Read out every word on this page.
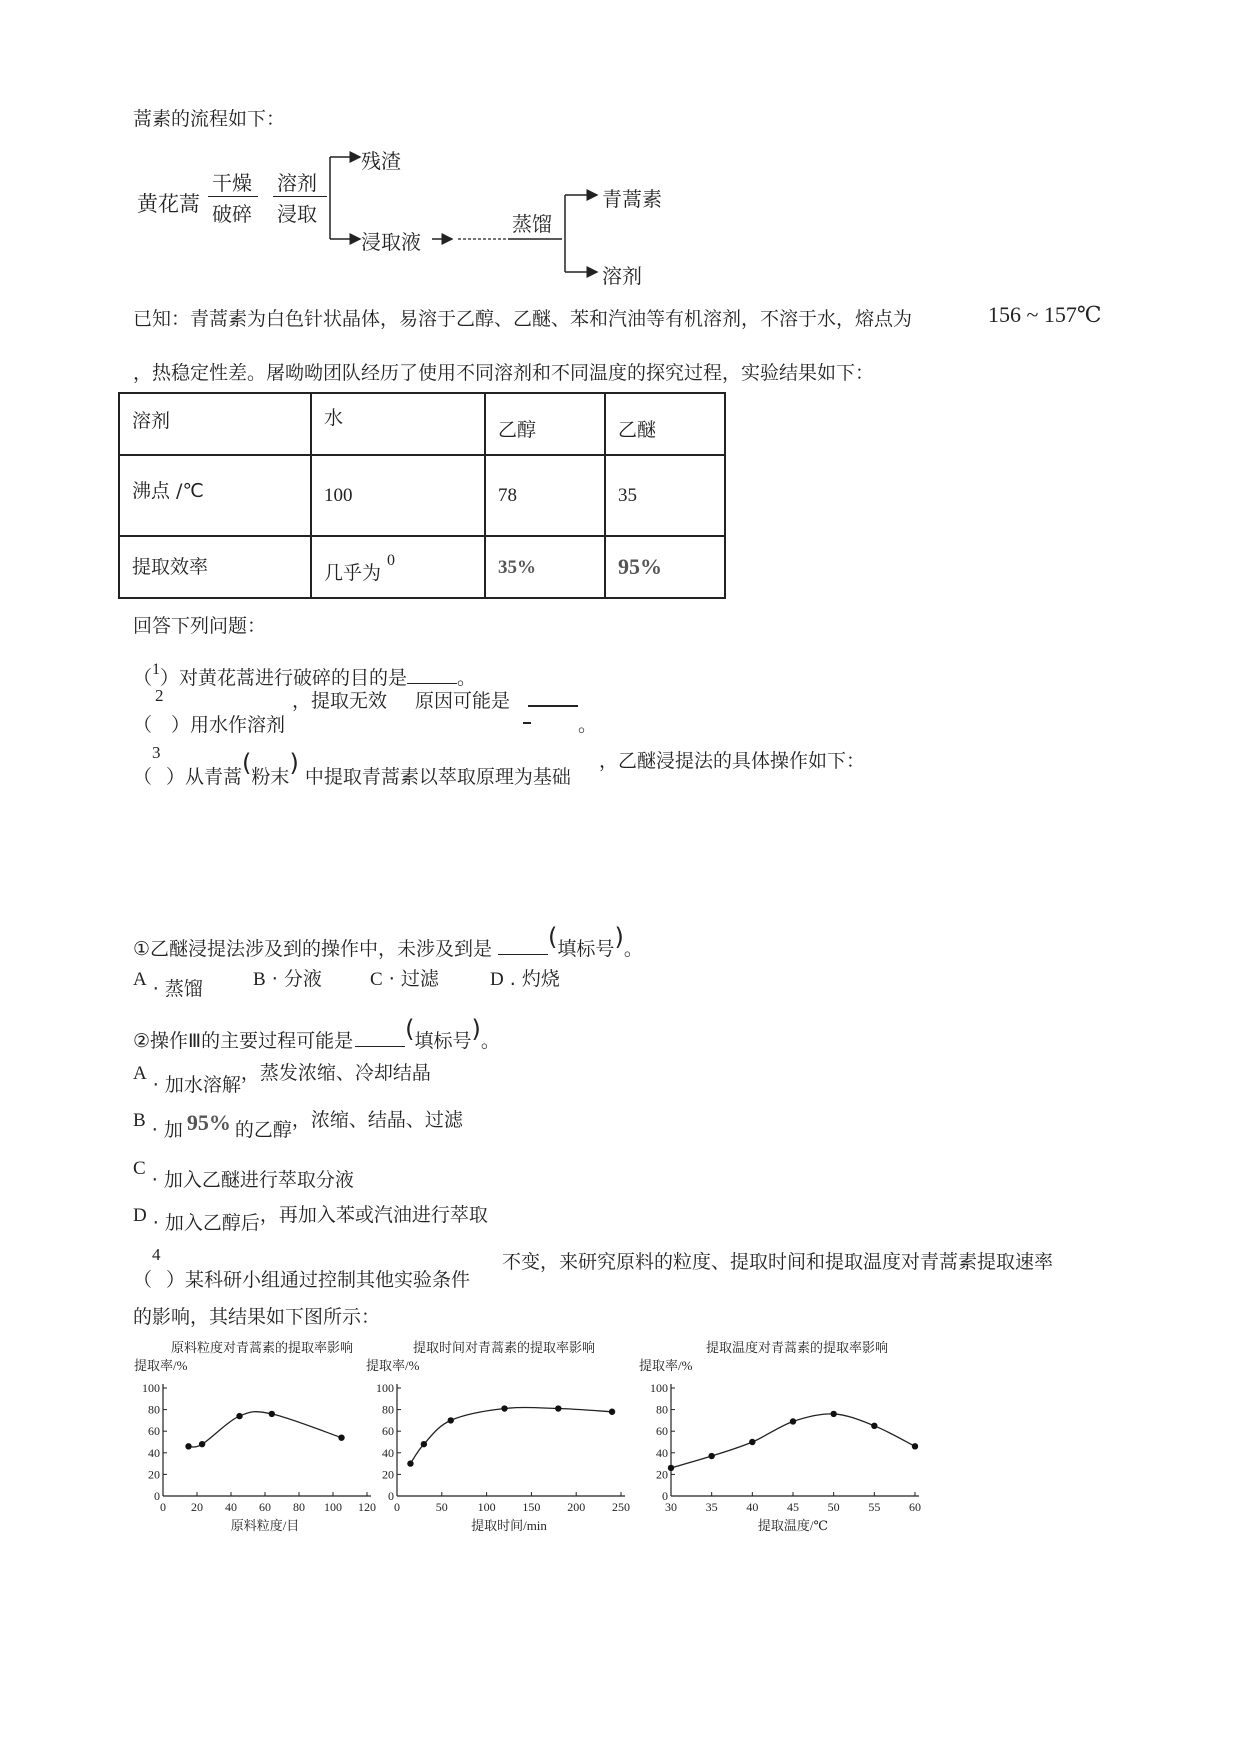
蒿素的流程如下：
黄花蒿
干燥
破碎
溶剂
浸取
残渣
浸取液
蒸馏
青蒿素
溶剂
已知：青蒿素为白色针状晶体，易溶于乙醇、乙醚、苯和汽油等有机溶剂，不溶于水，熔点为	156 ~ 157℃
，热稳定性差。屠呦呦团队经历了使用不同溶剂和不同温度的探究过程，实验结果如下：
溶剂	水	乙醇	乙醚
沸点 /℃	100	78	35
提取效率	几乎为$^0$	35%	95%
回答下列问题：
（$^1$）对黄花蒿进行破碎的目的是	。
2
（　）用水作溶剂
，提取无效 原因可能是
。
3
（ ）从青蒿(粉末) 中提取青蒿素以萃取原理为基础
，乙醚浸提法的具体操作如下：
①乙醚浸提法涉及到的操作中，未涉及到是 (填标号)。
A · 蒸馏	B · 分液	C · 过滤	D . 灼烧
②操作Ⅲ的主要过程可能是 (填标号)。
A · 加水溶解，蒸发浓缩、冷却结晶
B · 加 95% 的乙醇，浓缩、结晶、过滤
C · 加入乙醚进行萃取分液
D · 加入乙醇后，再加入苯或汽油进行萃取
4
（ ）某科研小组通过控制其他实验条件
不变，来研究原料的粒度、提取时间和提取温度对青蒿素提取速率
的影响，其结果如下图所示：
原料粒度对青蒿素的提取率影响
提取率/%
原料粒度/目
0
20
40
60
80
100
0 20 40 60 80 100 120
提取时间对青蒿素的提取率影响
提取率/%
提取时间/min
0
20
40
60
80
100
0	50 100 150 200 250
提取温度对青蒿素的提取率影响
提取率/%
提取温度/℃
0
20
40
60
80
100
30 35 40 45 50 55 60
